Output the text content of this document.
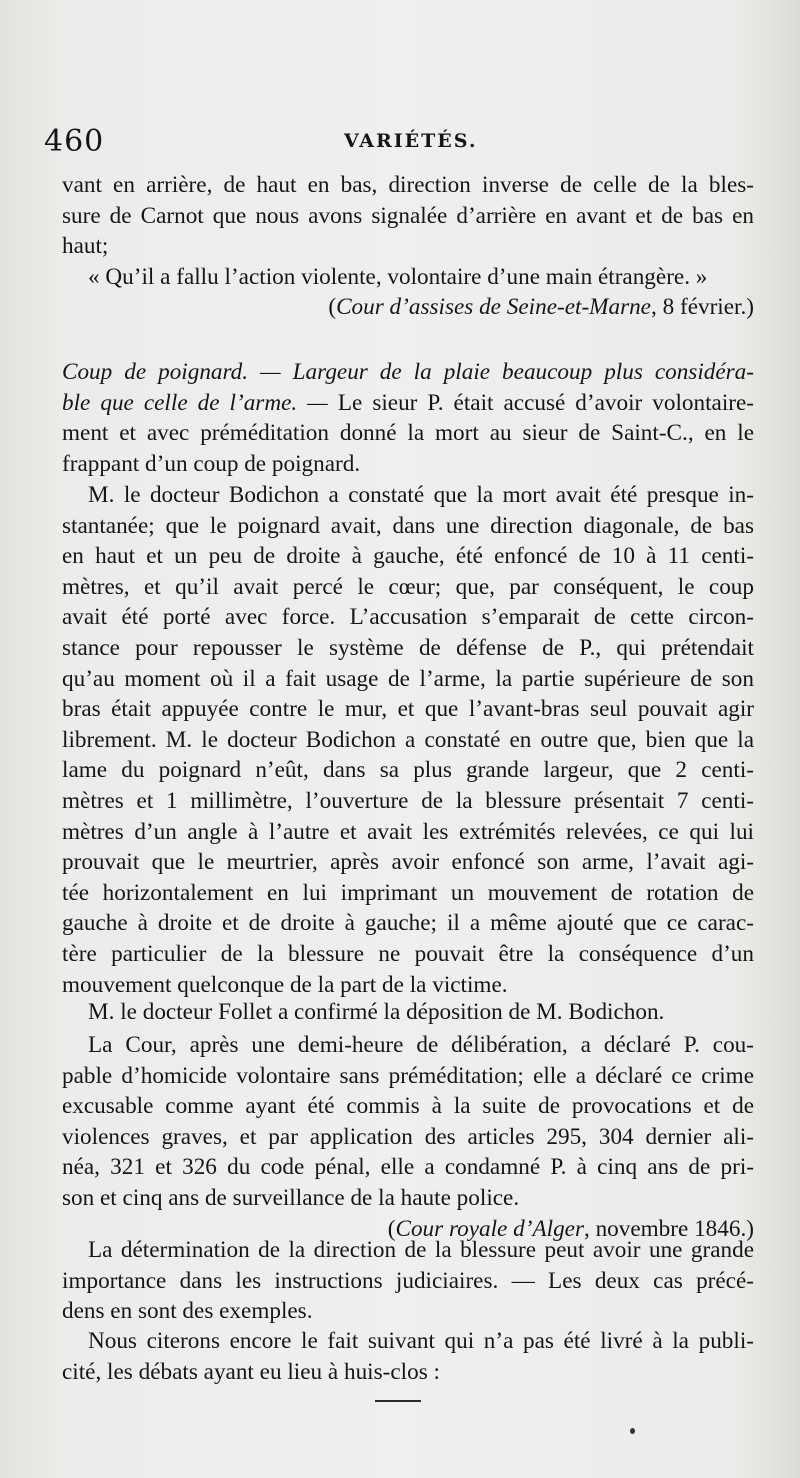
460	VARIÉTÉS.
vant en arrière, de haut en bas, direction inverse de celle de la bles-
sure de Carnot que nous avons signalée d’arrière en avant et de bas en
haut;
« Qu’il a fallu l’action violente, volontaire d’une main étrangère. »
(Cour d’assises de Seine-et-Marne, 8 février.)
Coup de poignard. — Largeur de la plaie beaucoup plus considéra-
ble que celle de l’arme. — Le sieur P. était accusé d’avoir volontaire-
ment et avec préméditation donné la mort au sieur de Saint-C., en le
frappant d’un coup de poignard.
M. le docteur Bodichon a constaté que la mort avait été presque in-
stantanée; que le poignard avait, dans une direction diagonale, de bas
en haut et un peu de droite à gauche, été enfoncé de 10 à 11 centi-
mètres, et qu’il avait percé le cœur; que, par conséquent, le coup
avait été porté avec force. L’accusation s’emparait de cette circon-
stance pour repousser le système de défense de P., qui prétendait
qu’au moment où il a fait usage de l’arme, la partie supérieure de son
bras était appuyée contre le mur, et que l’avant-bras seul pouvait agir
librement. M. le docteur Bodichon a constaté en outre que, bien que la
lame du poignard n’eût, dans sa plus grande largeur, que 2 centi-
mètres et 1 millimètre, l’ouverture de la blessure présentait 7 centi-
mètres d’un angle à l’autre et avait les extrémités relevées, ce qui lui
prouvait que le meurtrier, après avoir enfoncé son arme, l’avait agi-
tée horizontalement en lui imprimant un mouvement de rotation de
gauche à droite et de droite à gauche; il a même ajouté que ce carac-
tère particulier de la blessure ne pouvait être la conséquence d’un
mouvement quelconque de la part de la victime.
M. le docteur Follet a confirmé la déposition de M. Bodichon.
La Cour, après une demi-heure de délibération, a déclaré P. cou-
pable d’homicide volontaire sans préméditation; elle a déclaré ce crime
excusable comme ayant été commis à la suite de provocations et de
violences graves, et par application des articles 295, 304 dernier ali-
néa, 321 et 326 du code pénal, elle a condamné P. à cinq ans de pri-
son et cinq ans de surveillance de la haute police.
(Cour royale d’Alger, novembre 1846.)
La détermination de la direction de la blessure peut avoir une grande
importance dans les instructions judiciaires. — Les deux cas précé-
dens en sont des exemples.
Nous citerons encore le fait suivant qui n’a pas été livré à la publi-
cité, les débats ayant eu lieu à huis-clos :
